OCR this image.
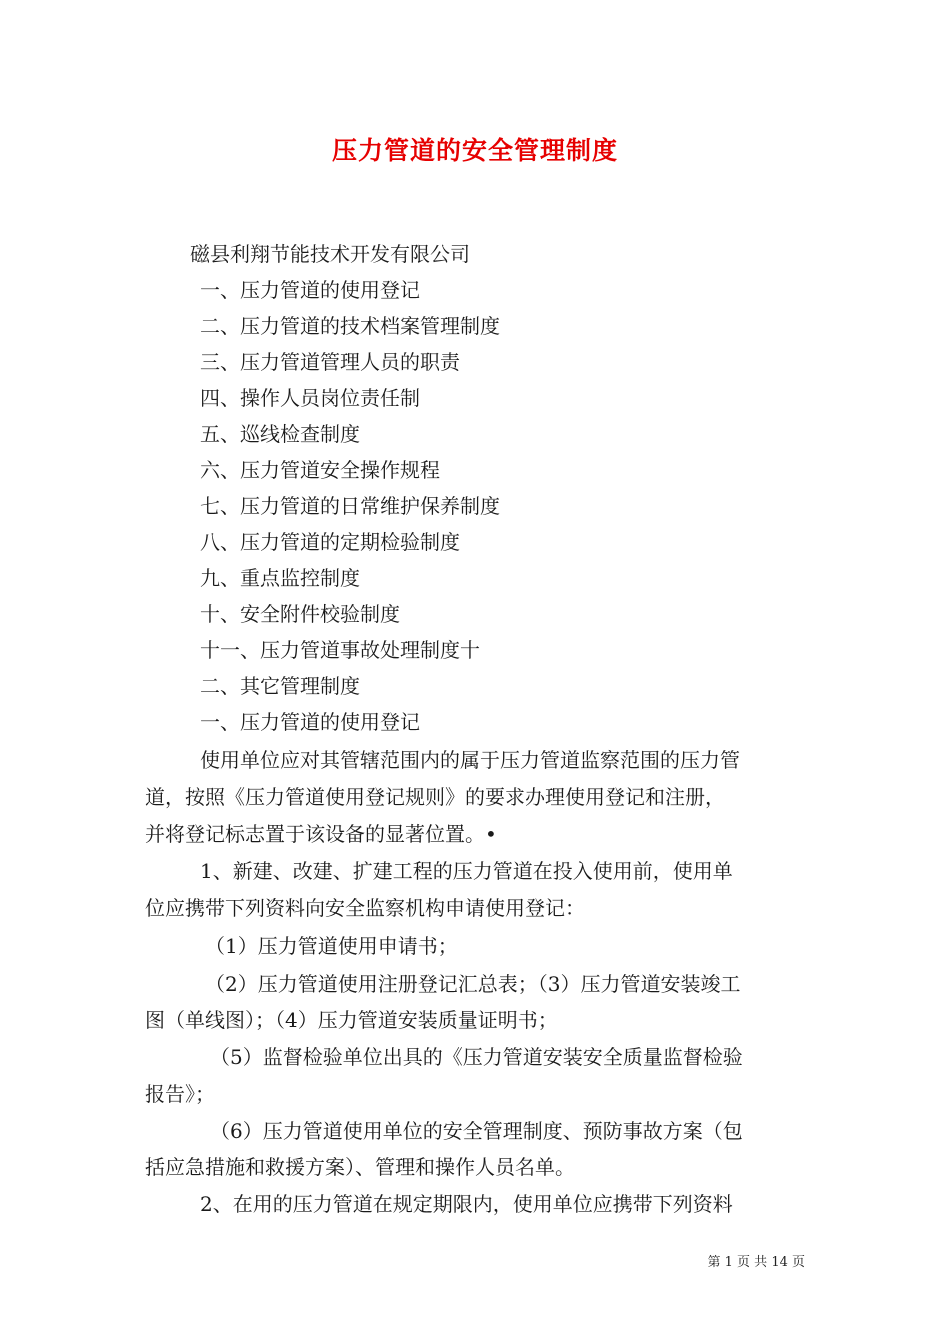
压力管道的安全管理制度
磁县利翔节能技术开发有限公司
一、压力管道的使用登记
二、压力管道的技术档案管理制度
三、压力管道管理人员的职责
四、操作人员岗位责任制
五、巡线检查制度
六、压力管道安全操作规程
七、压力管道的日常维护保养制度
八、压力管道的定期检验制度
九、重点监控制度
十、安全附件校验制度
十一、压力管道事故处理制度十
二、其它管理制度
一、压力管道的使用登记
使用单位应对其管辖范围内的属于压力管道监察范围的压力管
道，按照《压力管道使用登记规则》的要求办理使用登记和注册，
并将登记标志置于该设备的显著位置。•
1、新建、改建、扩建工程的压力管道在投入使用前，使用单
位应携带下列资料向安全监察机构申请使用登记：
（1）压力管道使用申请书；
（2）压力管道使用注册登记汇总表；（3）压力管道安装竣工
图（单线图）；（4）压力管道安装质量证明书；
（5）监督检验单位出具的《压力管道安装安全质量监督检验
报告》；
（6）压力管道使用单位的安全管理制度、预防事故方案（包
括应急措施和救援方案）、管理和操作人员名单。
2、在用的压力管道在规定期限内，使用单位应携带下列资料
第 1 页 共 14 页
